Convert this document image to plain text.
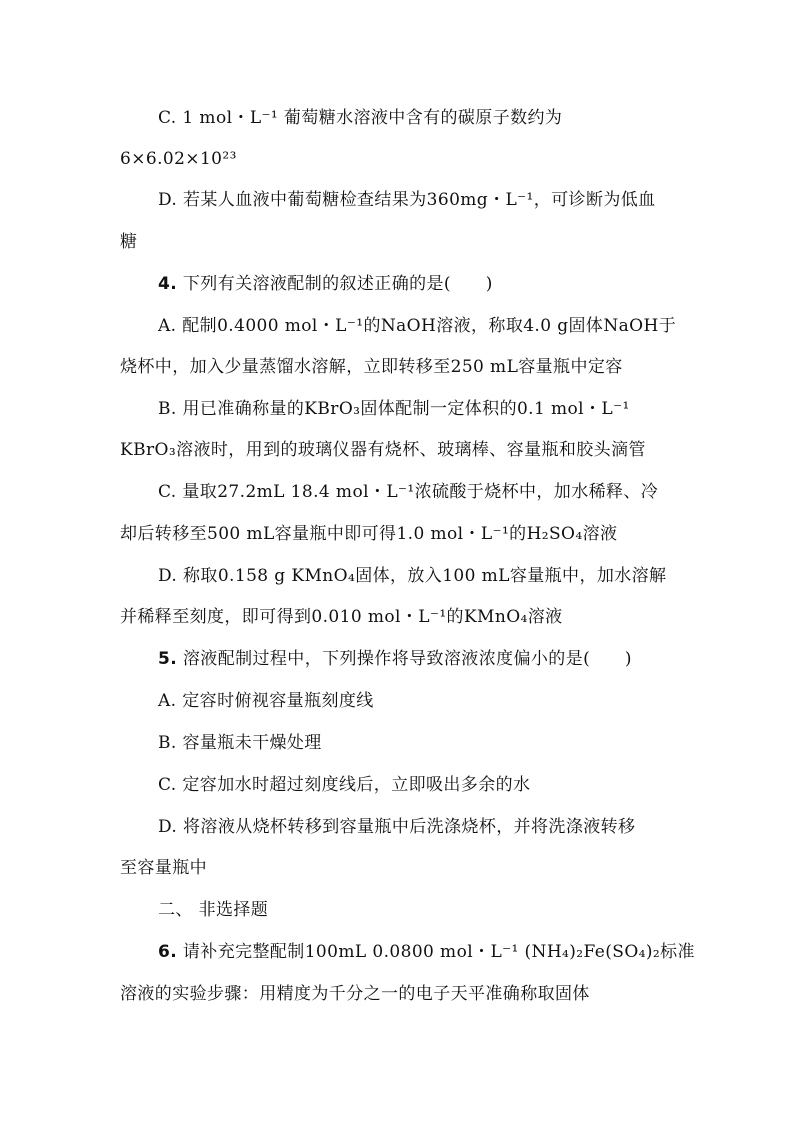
C. 1 mol・L⁻¹ 葡萄糖水溶液中含有的碳原子数约为
6×6.02×10²³
D. 若某人血液中葡萄糖检查结果为360mg・L⁻¹，可诊断为低血
糖
4. 下列有关溶液配制的叙述正确的是(　　)
A. 配制0.4000 mol・L⁻¹的NaOH溶液，称取4.0 g固体NaOH于
烧杯中，加入少量蒸馏水溶解，立即转移至250 mL容量瓶中定容
B. 用已准确称量的KBrO₃固体配制一定体积的0.1 mol・L⁻¹
KBrO₃溶液时，用到的玻璃仪器有烧杯、玻璃棒、容量瓶和胶头滴管
C. 量取27.2mL 18.4 mol・L⁻¹浓硫酸于烧杯中，加水稀释、冷
却后转移至500 mL容量瓶中即可得1.0 mol・L⁻¹的H₂SO₄溶液
D. 称取0.158 g KMnO₄固体，放入100 mL容量瓶中，加水溶解
并稀释至刻度，即可得到0.010 mol・L⁻¹的KMnO₄溶液
5. 溶液配制过程中，下列操作将导致溶液浓度偏小的是(　　)
A. 定容时俯视容量瓶刻度线
B. 容量瓶未干燥处理
C. 定容加水时超过刻度线后，立即吸出多余的水
D. 将溶液从烧杯转移到容量瓶中后洗涤烧杯，并将洗涤液转移
至容量瓶中
二、 非选择题
6. 请补充完整配制100mL 0.0800 mol・L⁻¹ (NH₄)₂Fe(SO₄)₂标准
溶液的实验步骤：用精度为千分之一的电子天平准确称取固体
